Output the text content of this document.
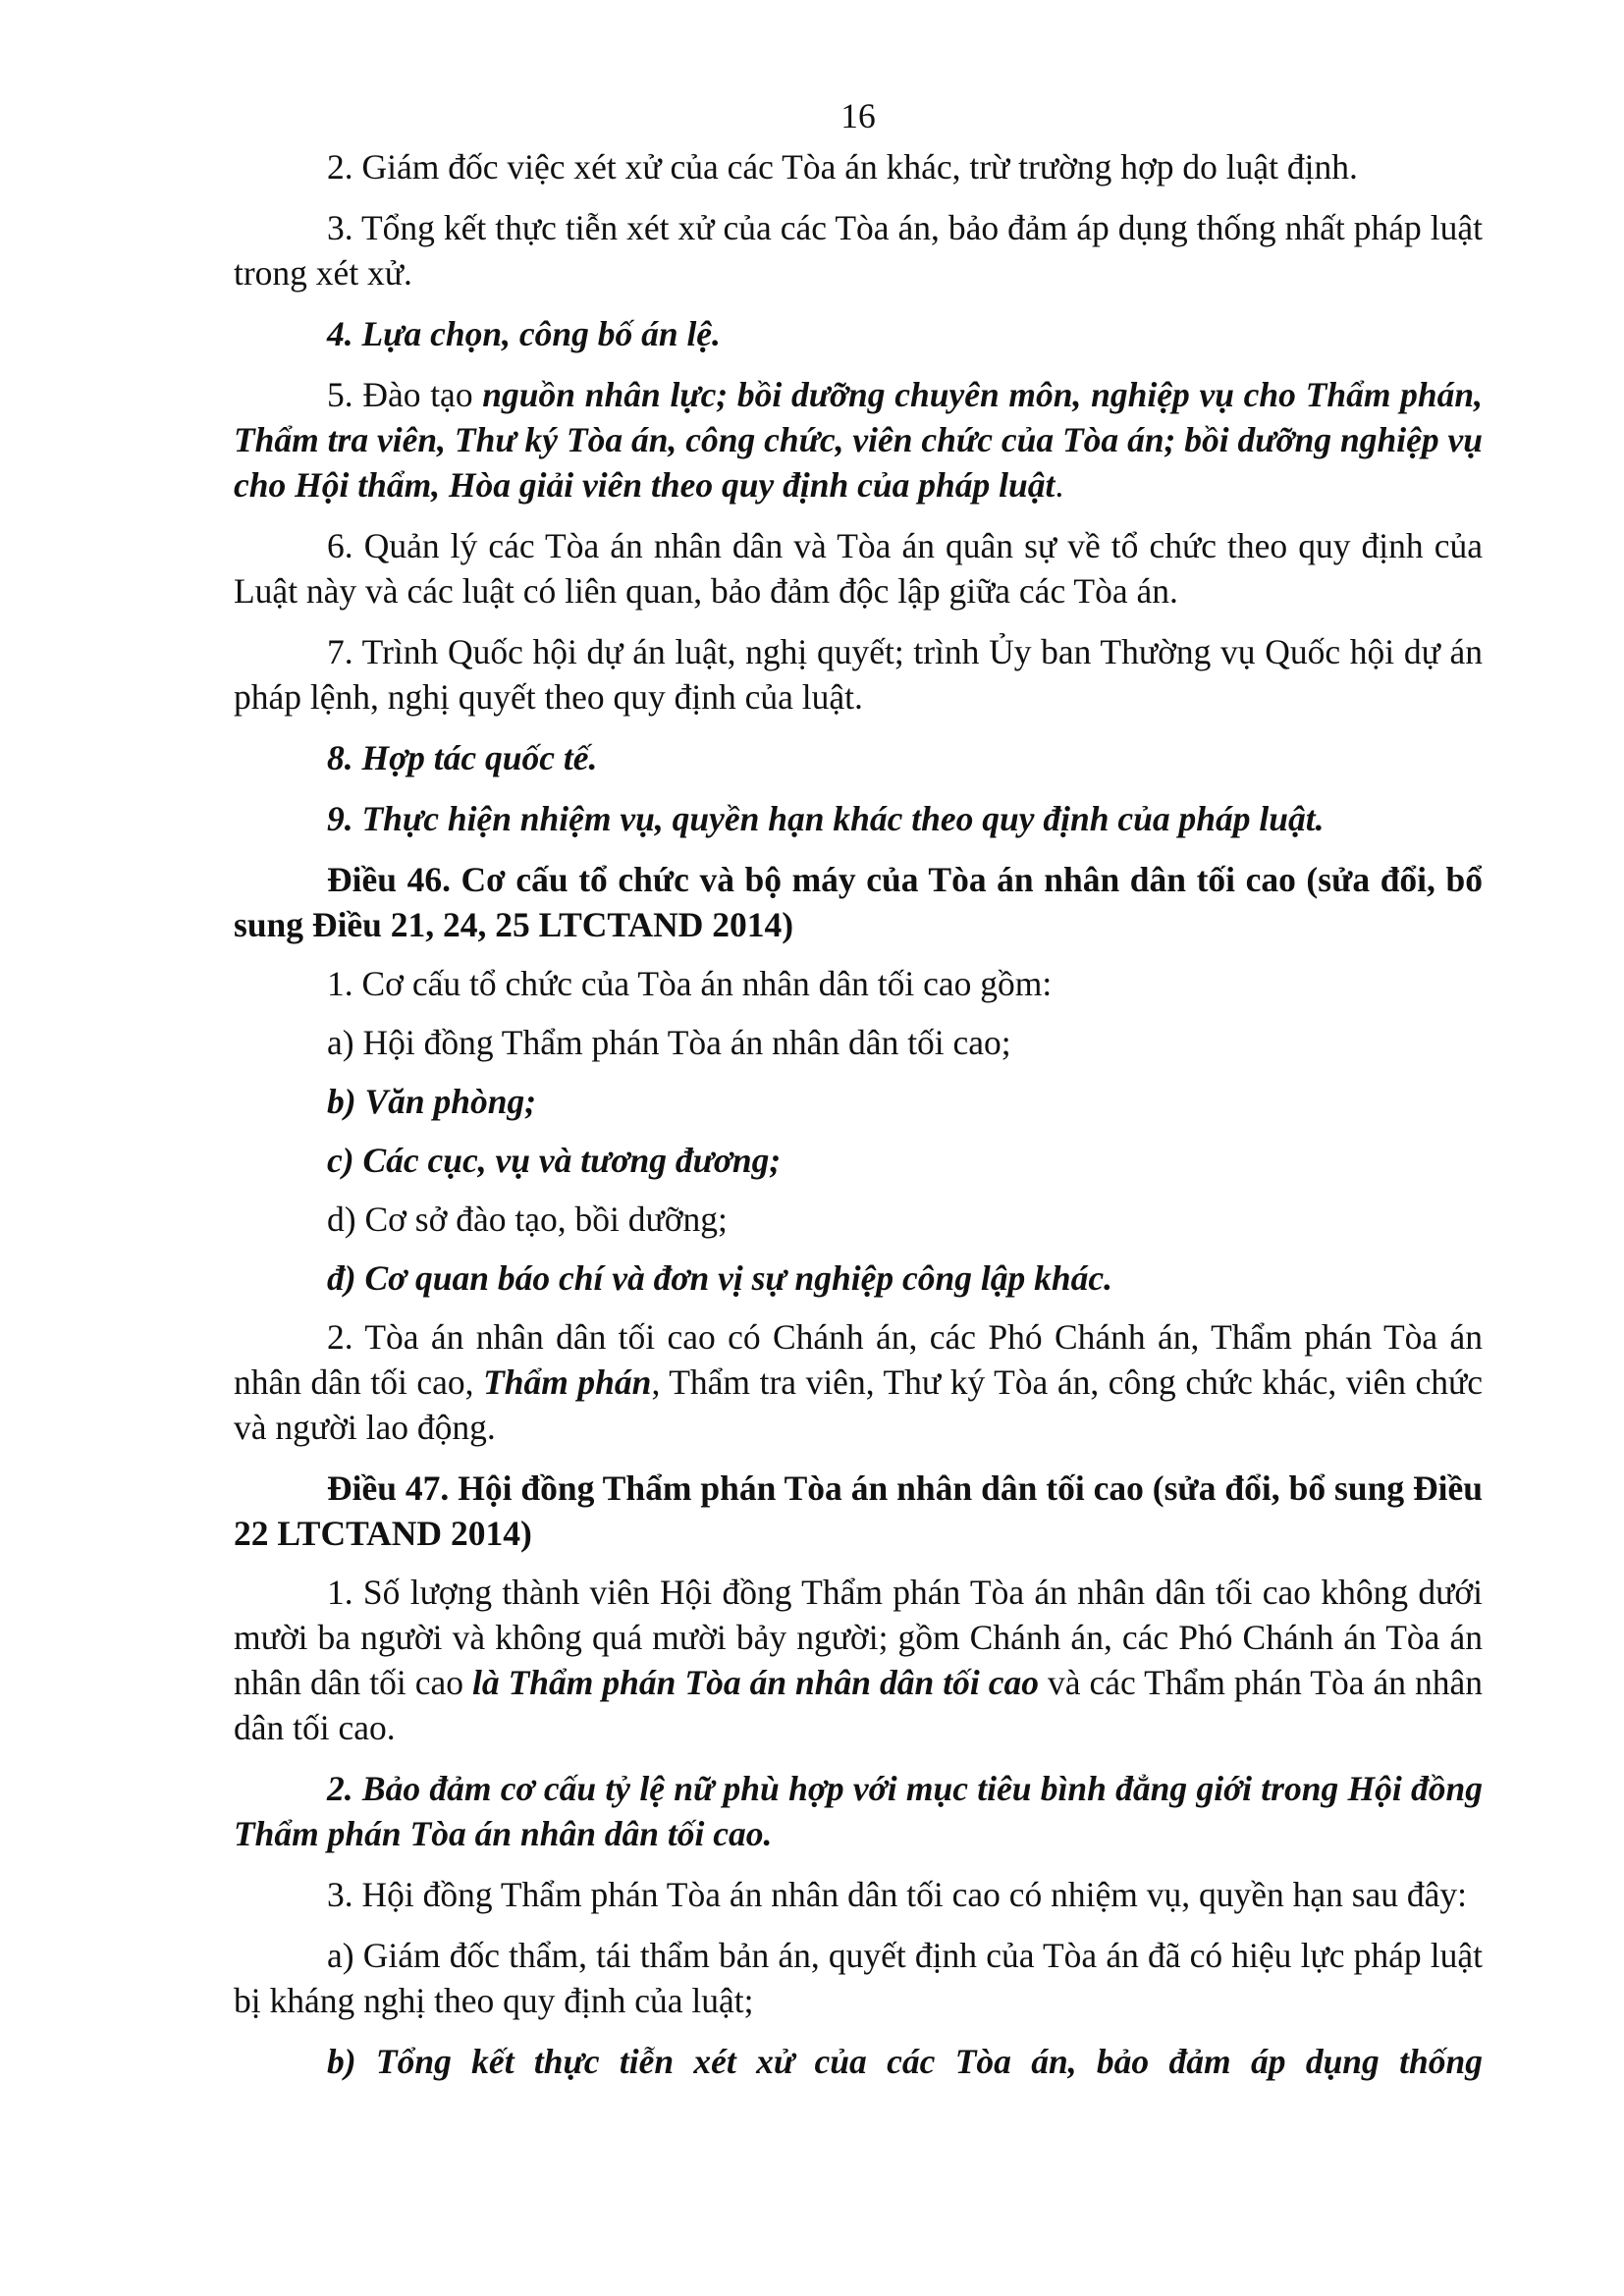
16

2. Giám đốc việc xét xử của các Tòa án khác, trừ trường hợp do luật định.

3. Tổng kết thực tiễn xét xử của các Tòa án, bảo đảm áp dụng thống nhất pháp luật trong xét xử.

4. Lựa chọn, công bố án lệ.

5. Đào tạo nguồn nhân lực; bồi dưỡng chuyên môn, nghiệp vụ cho Thẩm phán, Thẩm tra viên, Thư ký Tòa án, công chức, viên chức của Tòa án; bồi dưỡng nghiệp vụ cho Hội thẩm, Hòa giải viên theo quy định của pháp luật.

6. Quản lý các Tòa án nhân dân và Tòa án quân sự về tổ chức theo quy định của Luật này và các luật có liên quan, bảo đảm độc lập giữa các Tòa án.

7. Trình Quốc hội dự án luật, nghị quyết; trình Ủy ban Thường vụ Quốc hội dự án pháp lệnh, nghị quyết theo quy định của luật.

8. Hợp tác quốc tế.

9. Thực hiện nhiệm vụ, quyền hạn khác theo quy định của pháp luật.

Điều 46. Cơ cấu tổ chức và bộ máy của Tòa án nhân dân tối cao (sửa đổi, bổ sung Điều 21, 24, 25 LTCTAND 2014)

1. Cơ cấu tổ chức của Tòa án nhân dân tối cao gồm:

a) Hội đồng Thẩm phán Tòa án nhân dân tối cao;

b) Văn phòng;

c) Các cục, vụ và tương đương;

d) Cơ sở đào tạo, bồi dưỡng;

đ) Cơ quan báo chí và đơn vị sự nghiệp công lập khác.

2. Tòa án nhân dân tối cao có Chánh án, các Phó Chánh án, Thẩm phán Tòa án nhân dân tối cao, Thẩm phán, Thẩm tra viên, Thư ký Tòa án, công chức khác, viên chức và người lao động.

Điều 47. Hội đồng Thẩm phán Tòa án nhân dân tối cao (sửa đổi, bổ sung Điều 22 LTCTAND 2014)

1. Số lượng thành viên Hội đồng Thẩm phán Tòa án nhân dân tối cao không dưới mười ba người và không quá mười bảy người; gồm Chánh án, các Phó Chánh án Tòa án nhân dân tối cao là Thẩm phán Tòa án nhân dân tối cao và các Thẩm phán Tòa án nhân dân tối cao.

2. Bảo đảm cơ cấu tỷ lệ nữ phù hợp với mục tiêu bình đẳng giới trong Hội đồng Thẩm phán Tòa án nhân dân tối cao.

3. Hội đồng Thẩm phán Tòa án nhân dân tối cao có nhiệm vụ, quyền hạn sau đây:

a) Giám đốc thẩm, tái thẩm bản án, quyết định của Tòa án đã có hiệu lực pháp luật bị kháng nghị theo quy định của luật;

b) Tổng kết thực tiễn xét xử của các Tòa án, bảo đảm áp dụng thống
